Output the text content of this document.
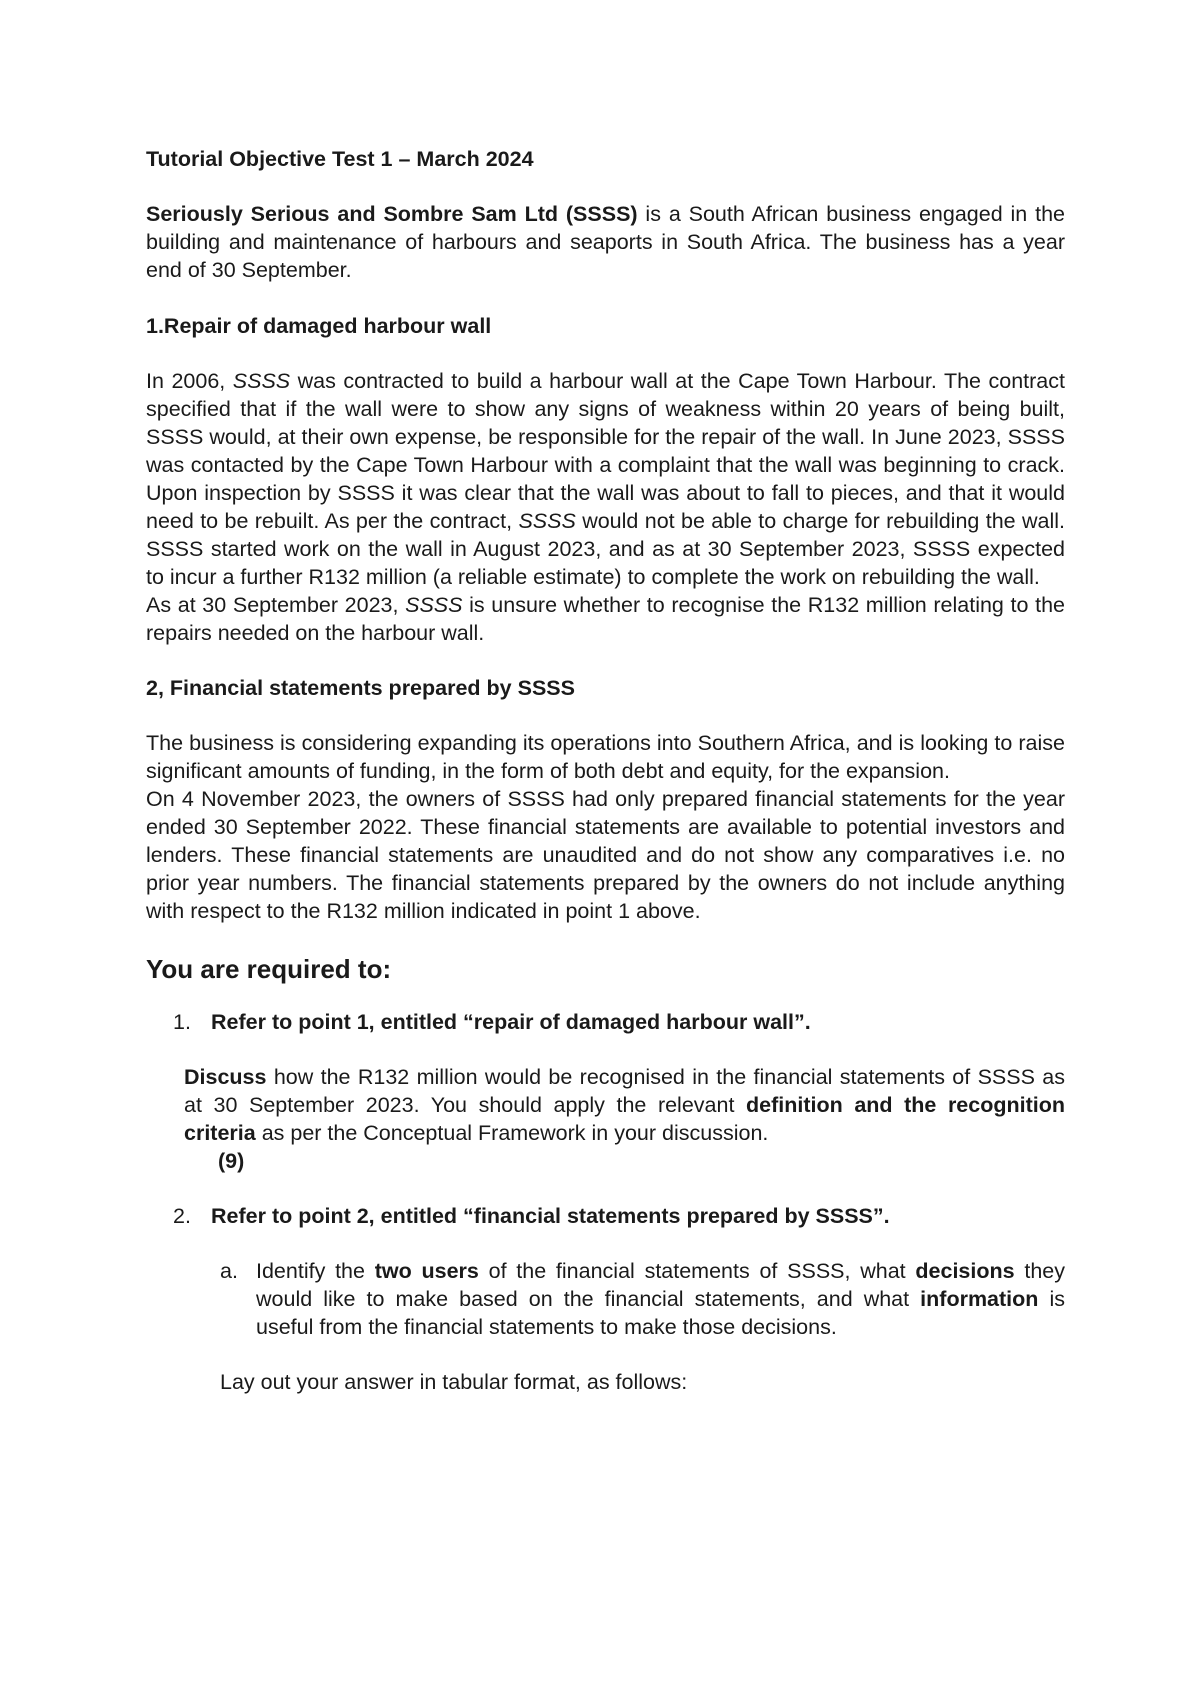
Tutorial Objective Test 1 – March 2024

Seriously Serious and Sombre Sam Ltd (SSSS) is a South African business engaged in the building and maintenance of harbours and seaports in South Africa. The business has a year end of 30 September.

1.Repair of damaged harbour wall

In 2006, SSSS was contracted to build a harbour wall at the Cape Town Harbour. The contract specified that if the wall were to show any signs of weakness within 20 years of being built, SSSS would, at their own expense, be responsible for the repair of the wall. In June 2023, SSSS was contacted by the Cape Town Harbour with a complaint that the wall was beginning to crack. Upon inspection by SSSS it was clear that the wall was about to fall to pieces, and that it would need to be rebuilt. As per the contract, SSSS would not be able to charge for rebuilding the wall. SSSS started work on the wall in August 2023, and as at 30 September 2023, SSSS expected to incur a further R132 million (a reliable estimate) to complete the work on rebuilding the wall.

As at 30 September 2023, SSSS is unsure whether to recognise the R132 million relating to the repairs needed on the harbour wall.

2, Financial statements prepared by SSSS

The business is considering expanding its operations into Southern Africa, and is looking to raise significant amounts of funding, in the form of both debt and equity, for the expansion.

On 4 November 2023, the owners of SSSS had only prepared financial statements for the year ended 30 September 2022. These financial statements are available to potential investors and lenders. These financial statements are unaudited and do not show any comparatives i.e. no prior year numbers. The financial statements prepared by the owners do not include anything with respect to the R132 million indicated in point 1 above.

You are required to:

1. Refer to point 1, entitled “repair of damaged harbour wall”.

Discuss how the R132 million would be recognised in the financial statements of SSSS as at 30 September 2023. You should apply the relevant definition and the recognition criteria as per the Conceptual Framework in your discussion.

(9)

2. Refer to point 2, entitled “financial statements prepared by SSSS”.
a. Identify the two users of the financial statements of SSSS, what decisions they would like to make based on the financial statements, and what information is useful from the financial statements to make those decisions.

Lay out your answer in tabular format, as follows:
